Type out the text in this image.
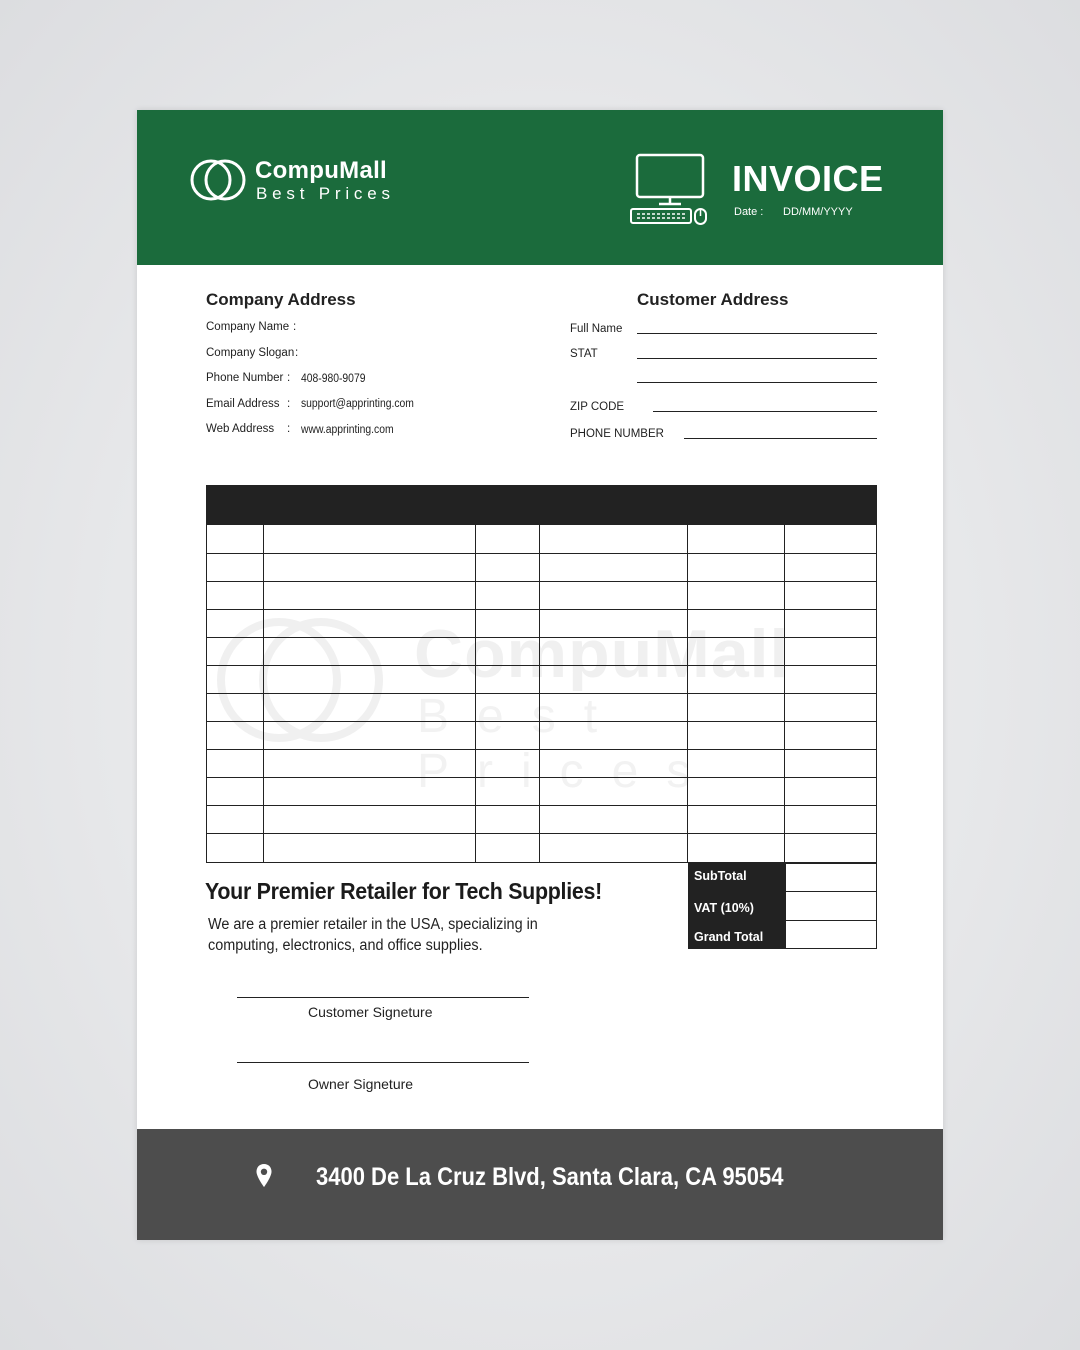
CompuMall
Best Prices	INVOICE
Date : DD/MM/YYYY
Company Address
Company Name :
Company Slogan :
Phone Number : 408-980-9079
Email Address : support@apprinting.com
Web Address : www.apprinting.com
Customer Address
Full Name
STAT
ZIP CODE
PHONE NUMBER
CompuMall
Best Prices
SubTotal
VAT (10%)
Grand Total
Your Premier Retailer for Tech Supplies!
We are a premier retailer in the USA, specializing in computing, electronics, and office supplies.
Customer Signeture
Owner Signeture
3400 De La Cruz Blvd, Santa Clara, CA 95054
